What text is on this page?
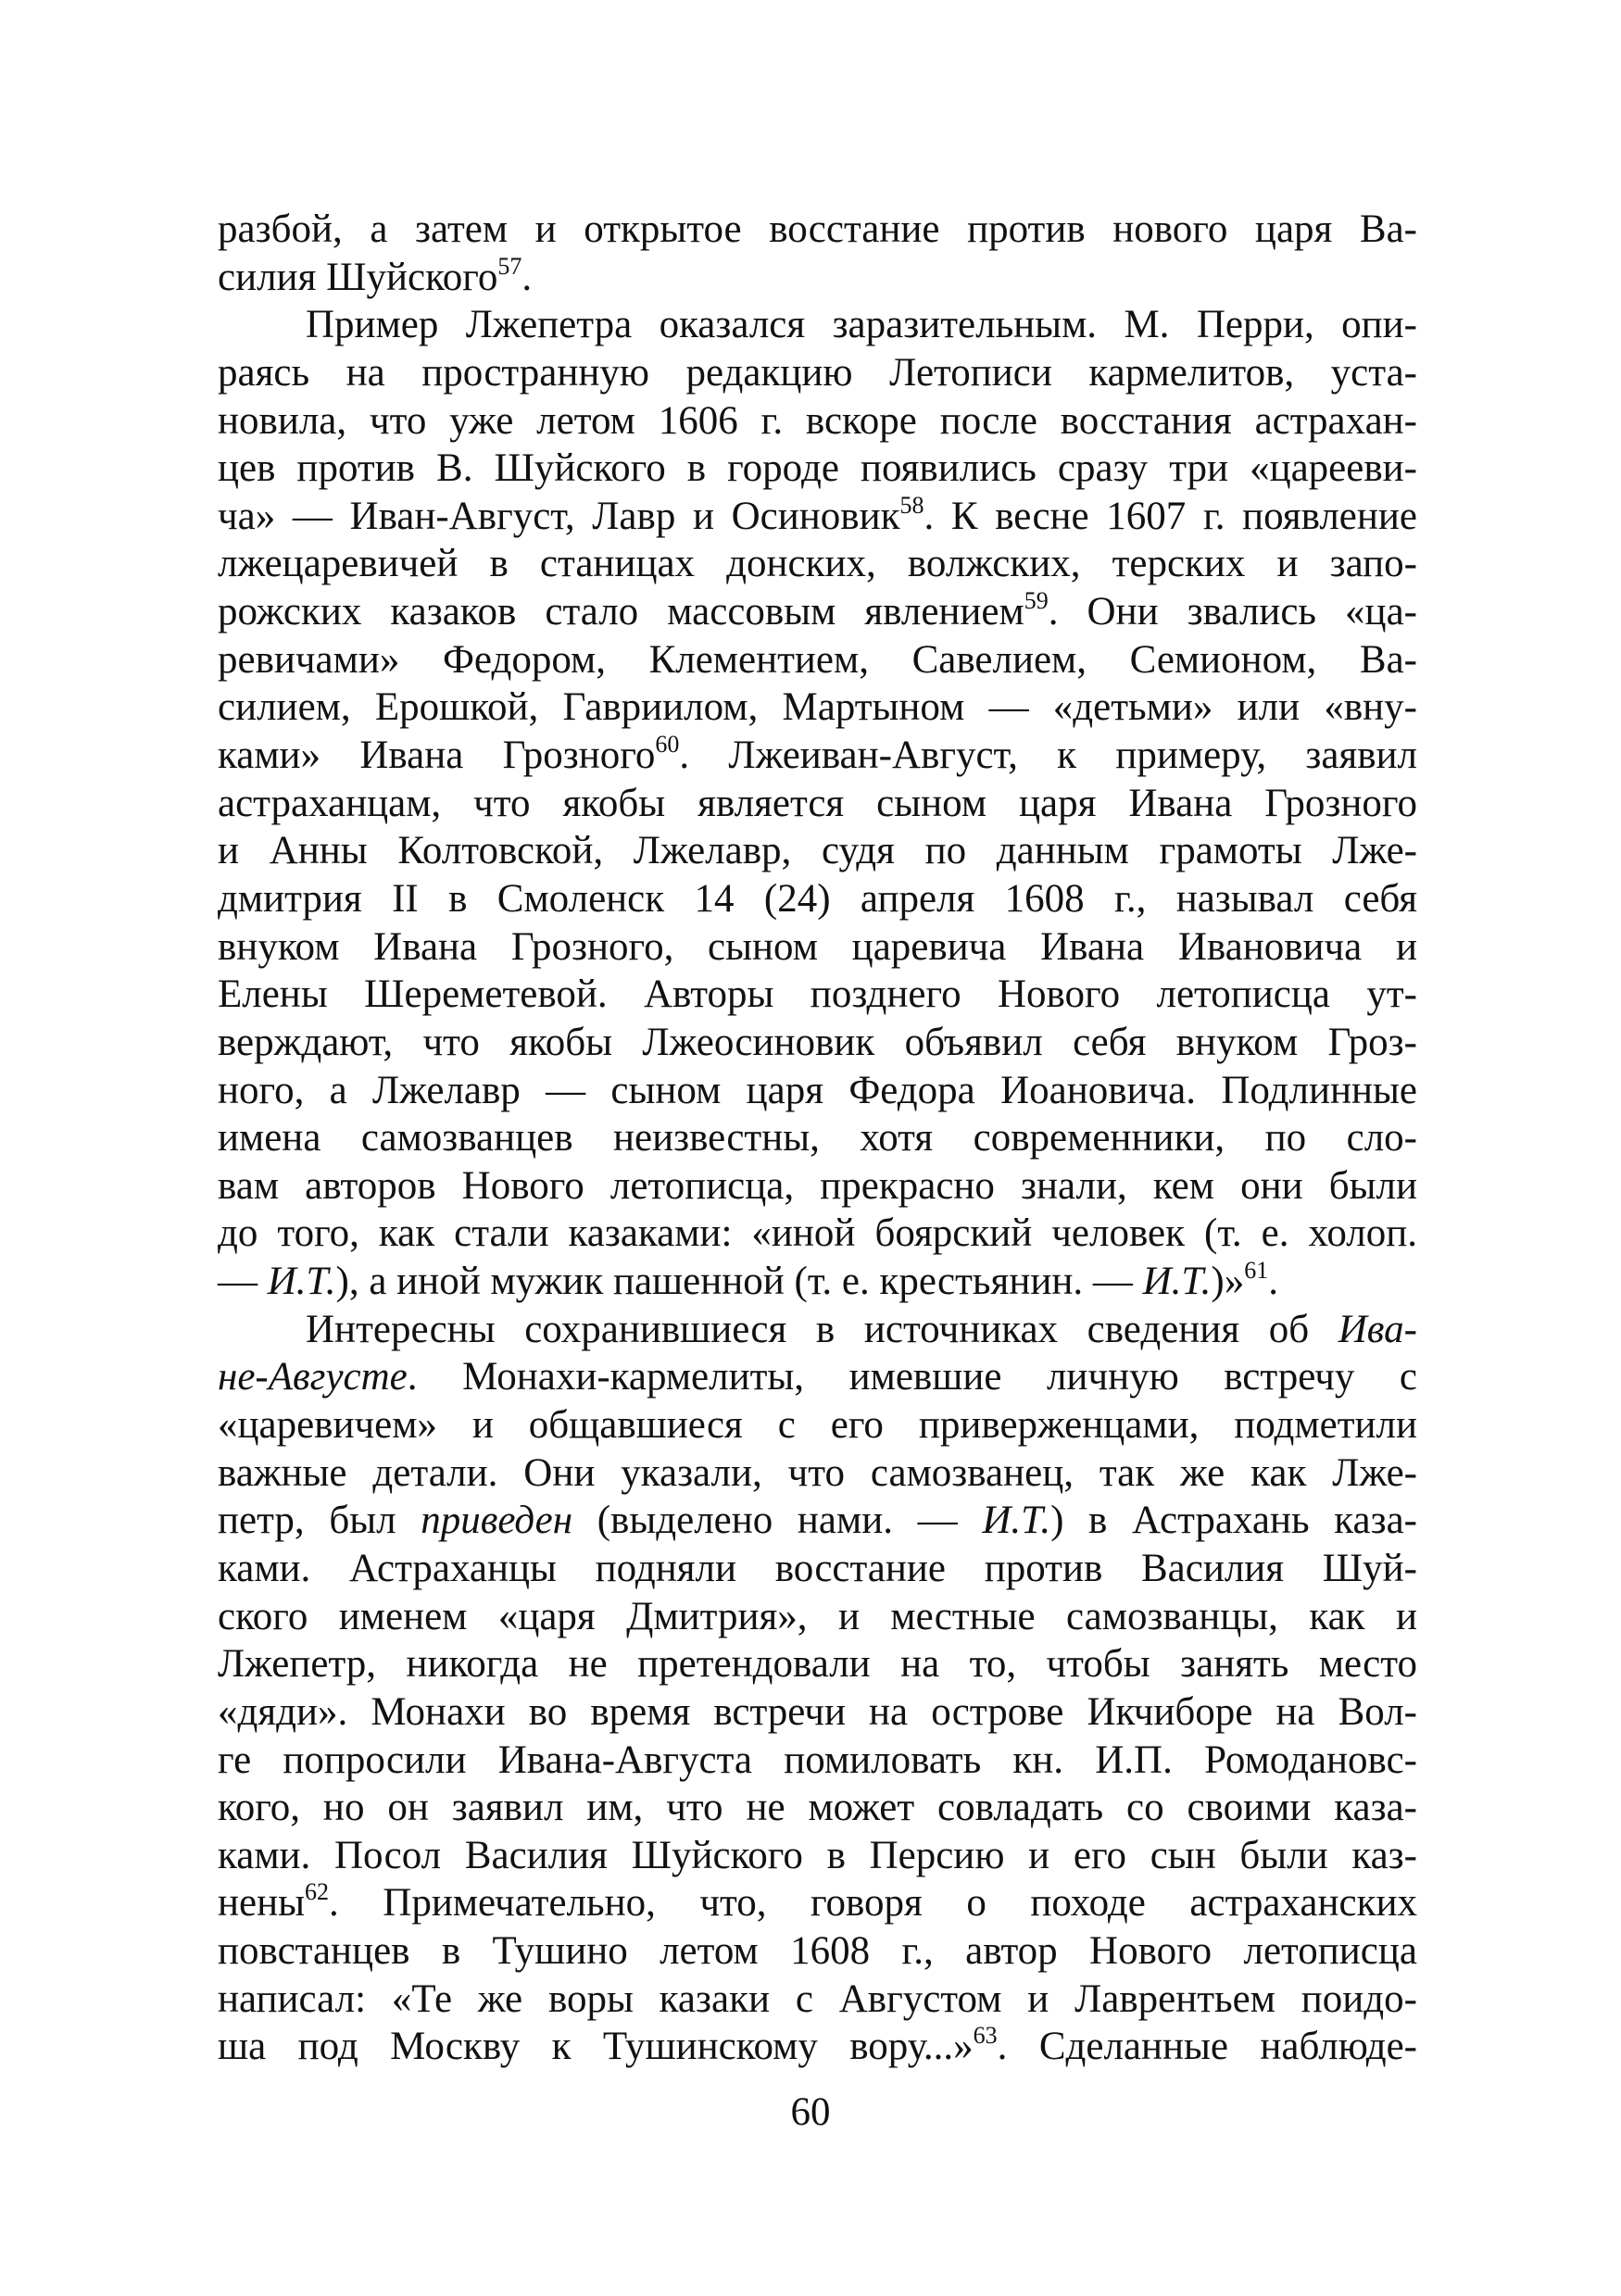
разбой, а затем и открытое восстание против нового царя Ва-

силия Шуйского$^{57}$.

Пример Лжепетра оказался заразительным. М. Перри, опи-

раясь на пространную редакцию Летописи кармелитов, уста-

новила, что уже летом 1606 г. вскоре после восстания астрахан-

цев против В. Шуйского в городе появились сразу три «царееви-

ча» — Иван-Август, Лавр и Осиновик$^{58}$. К весне 1607 г. появление

лжецаревичей в станицах донских, волжских, терских и запо-

рожских казаков стало массовым явлением$^{59}$. Они звались «ца-

ревичами» Федором, Клементием, Савелием, Семионом, Ва-

силием, Ерошкой, Гавриилом, Мартыном — «детьми» или «вну-

ками» Ивана Грозного$^{60}$. Лжеиван-Август, к примеру, заявил

астраханцам, что якобы является сыном царя Ивана Грозного

и Анны Колтовской, Лжелавр, судя по данным грамоты Лже-

дмитрия II в Смоленск 14 (24) апреля 1608 г., называл себя

внуком Ивана Грозного, сыном царевича Ивана Ивановича и

Елены Шереметевой. Авторы позднего Нового летописца ут-

верждают, что якобы Лжеосиновик объявил себя внуком Гроз-

ного, а Лжелавр — сыном царя Федора Иоановича. Подлинные

имена самозванцев неизвестны, хотя современники, по сло-

вам авторов Нового летописца, прекрасно знали, кем они были

до того, как стали казаками: «иной боярский человек (т. е. холоп.

— И.Т.), а иной мужик пашенной (т. е. крестьянин. — И.Т.)»$^{61}$.

Интересны сохранившиеся в источниках сведения об Ива-

не-Августе. Монахи-кармелиты, имевшие личную встречу с

«царевичем» и общавшиеся с его приверженцами, подметили

важные детали. Они указали, что самозванец, так же как Лже-

петр, был приведен (выделено нами. — И.Т.) в Астрахань каза-

ками. Астраханцы подняли восстание против Василия Шуй-

ского именем «царя Дмитрия», и местные самозванцы, как и

Лжепетр, никогда не претендовали на то, чтобы занять место

«дяди». Монахи во время встречи на острове Икчиборе на Вол-

ге попросили Ивана-Августа помиловать кн. И.П. Ромодановс-

кого, но он заявил им, что не может совладать со своими каза-

ками. Посол Василия Шуйского в Персию и его сын были каз-

нены$^{62}$. Примечательно, что, говоря о походе астраханских

повстанцев в Тушино летом 1608 г., автор Нового летописца

написал: «Те же воры казаки с Августом и Лаврентьем поидо-

ша под Москву к Тушинскому вору...»$^{63}$. Сделанные наблюде-

60
